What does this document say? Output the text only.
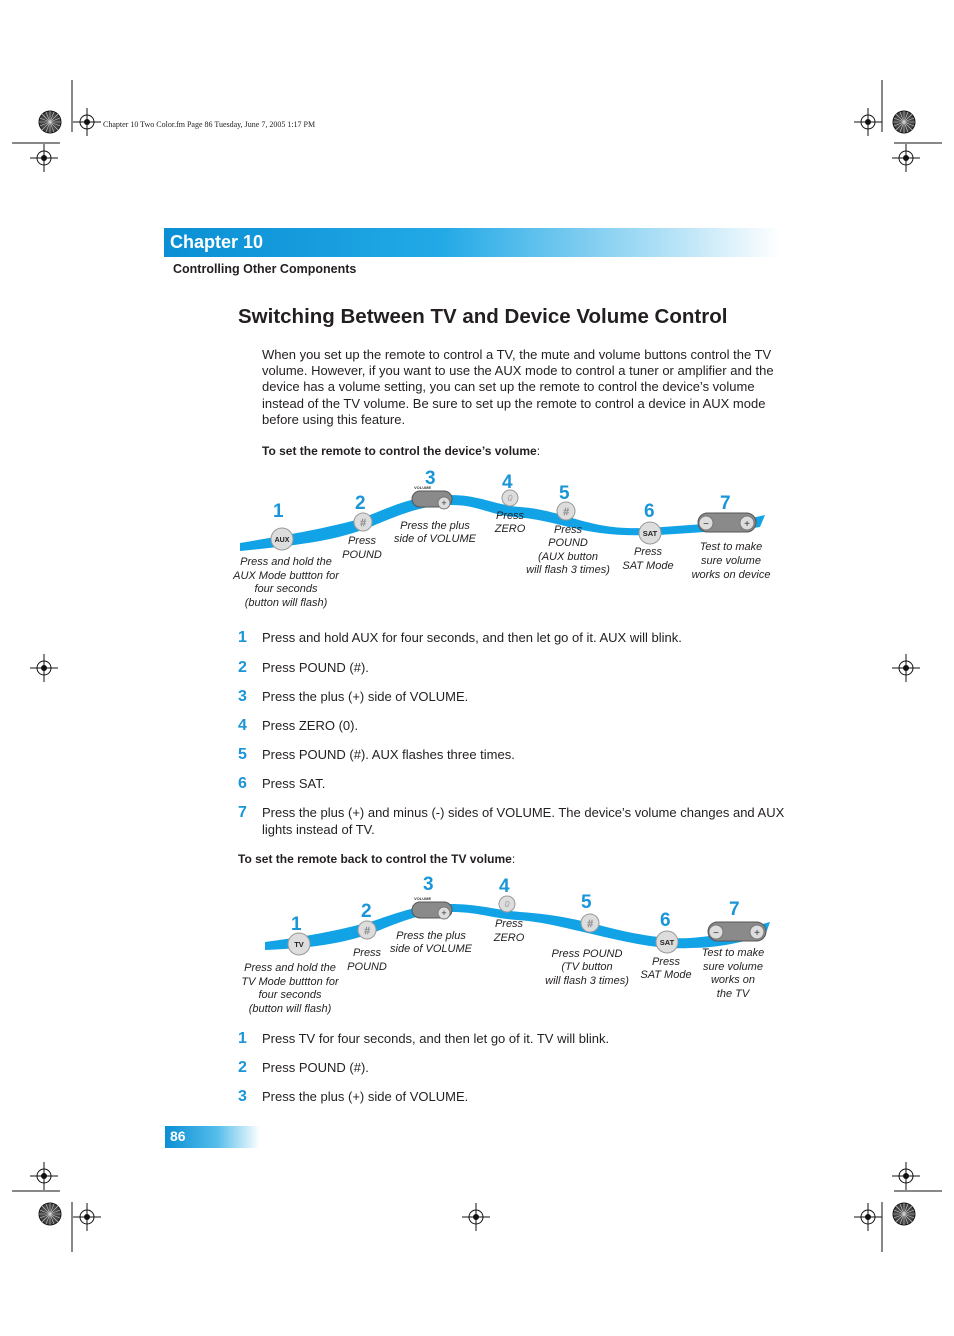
Chapter 10 Two Color.fm Page 86 Tuesday, June 7, 2005 1:17 PM
Chapter 10
Controlling Other Components
Switching Between TV and Device Volume Control
When you set up the remote to control a TV, the mute and volume buttons control the TV volume. However, if you want to use the AUX mode to control a tuner or amplifier and the device has a volume setting, you can set up the remote to control the device’s volume instead of the TV volume. Be sure to set up the remote to control a device in AUX mode before using this feature.
To set the remote to control the device’s volume:
AUX
#
+
VOLUME
0
#
SAT
−	+
1	2
3	4
5
6	7
Press and hold the
AUX Mode buttton for
four seconds
(button will flash)
Press
POUND
Press the plus
side of VOLUME
Press
ZERO	Press
POUND
(AUX button
will flash 3 times)
Press
SAT Mode
Test to make
sure volume
works on device
1	Press and hold AUX for four seconds, and then let go of it. AUX will blink.
2	Press POUND (#).
3	Press the plus (+) side of VOLUME.
4	Press ZERO (0).
5	Press POUND (#). AUX flashes three times.
6	Press SAT.
7	Press the plus (+) and minus (-) sides of VOLUME. The device’s volume changes and AUX lights instead of TV.
To set the remote back to control the TV volume:
TV
#
+
VOLUME
0
#
SAT
−	+
1
2
3	4
5
6
7
Press and hold the
TV Mode buttton for
four seconds
(button will flash)
Press
POUND
Press the plus
side of VOLUME
Press
ZERO
Press POUND
(TV button
will flash 3 times)
Press
SAT Mode
Test to make
sure volume
works on
the TV
1	Press TV for four seconds, and then let go of it. TV will blink.
2	Press POUND (#).
3	Press the plus (+) side of VOLUME.
86
